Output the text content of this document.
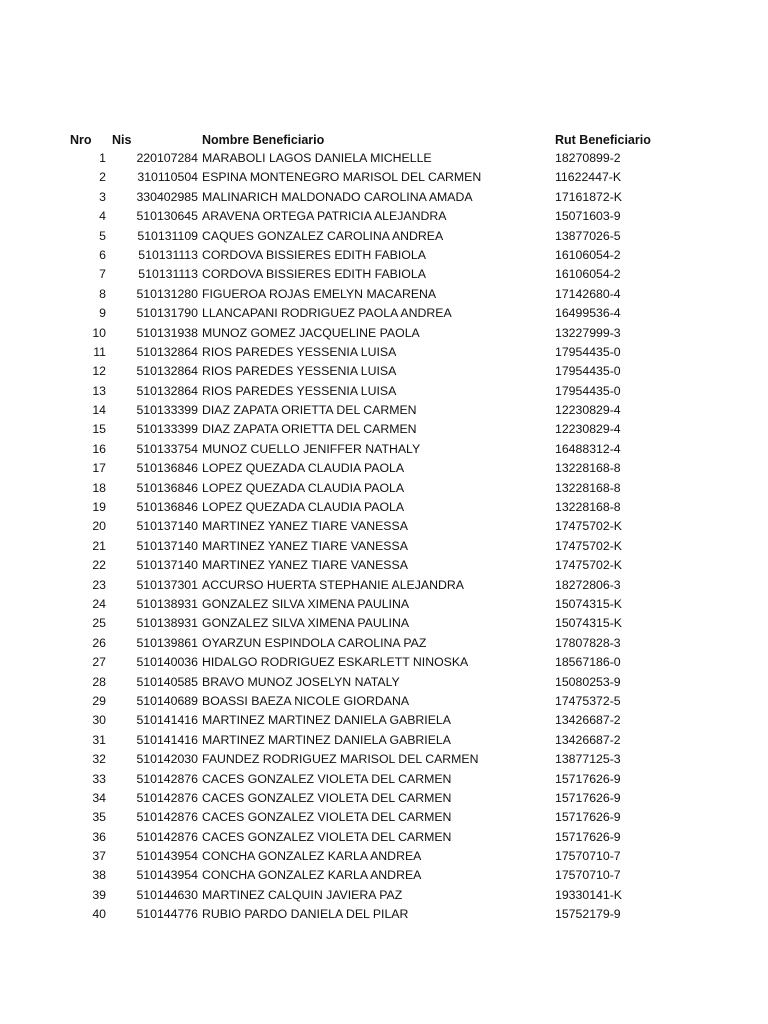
Nro Nis	Nombre Beneficiario	Rut Beneficiario
1	220107284 MARABOLI LAGOS DANIELA MICHELLE	18270899-2
2	310110504 ESPINA MONTENEGRO MARISOL DEL CARMEN	11622447-K
3	330402985 MALINARICH MALDONADO CAROLINA AMADA	17161872-K
4	510130645 ARAVENA ORTEGA PATRICIA ALEJANDRA	15071603-9
5	510131109 CAQUES GONZALEZ CAROLINA ANDREA	13877026-5
6	510131113 CORDOVA BISSIERES EDITH FABIOLA	16106054-2
7	510131113 CORDOVA BISSIERES EDITH FABIOLA	16106054-2
8	510131280 FIGUEROA ROJAS EMELYN MACARENA	17142680-4
9	510131790 LLANCAPANI RODRIGUEZ PAOLA ANDREA	16499536-4
10	510131938 MUNOZ GOMEZ JACQUELINE PAOLA	13227999-3
11	510132864 RIOS PAREDES YESSENIA LUISA	17954435-0
12	510132864 RIOS PAREDES YESSENIA LUISA	17954435-0
13	510132864 RIOS PAREDES YESSENIA LUISA	17954435-0
14	510133399 DIAZ ZAPATA ORIETTA DEL CARMEN	12230829-4
15	510133399 DIAZ ZAPATA ORIETTA DEL CARMEN	12230829-4
16	510133754 MUNOZ CUELLO JENIFFER NATHALY	16488312-4
17	510136846 LOPEZ QUEZADA CLAUDIA PAOLA	13228168-8
18	510136846 LOPEZ QUEZADA CLAUDIA PAOLA	13228168-8
19	510136846 LOPEZ QUEZADA CLAUDIA PAOLA	13228168-8
20	510137140 MARTINEZ YANEZ TIARE VANESSA	17475702-K
21	510137140 MARTINEZ YANEZ TIARE VANESSA	17475702-K
22	510137140 MARTINEZ YANEZ TIARE VANESSA	17475702-K
23	510137301 ACCURSO HUERTA STEPHANIE ALEJANDRA	18272806-3
24	510138931 GONZALEZ SILVA XIMENA PAULINA	15074315-K
25	510138931 GONZALEZ SILVA XIMENA PAULINA	15074315-K
26	510139861 OYARZUN ESPINDOLA CAROLINA PAZ	17807828-3
27	510140036 HIDALGO RODRIGUEZ ESKARLETT NINOSKA	18567186-0
28	510140585 BRAVO MUNOZ JOSELYN NATALY	15080253-9
29	510140689 BOASSI BAEZA NICOLE GIORDANA	17475372-5
30	510141416 MARTINEZ MARTINEZ DANIELA GABRIELA	13426687-2
31	510141416 MARTINEZ MARTINEZ DANIELA GABRIELA	13426687-2
32	510142030 FAUNDEZ RODRIGUEZ MARISOL DEL CARMEN	13877125-3
33	510142876 CACES GONZALEZ VIOLETA DEL CARMEN	15717626-9
34	510142876 CACES GONZALEZ VIOLETA DEL CARMEN	15717626-9
35	510142876 CACES GONZALEZ VIOLETA DEL CARMEN	15717626-9
36	510142876 CACES GONZALEZ VIOLETA DEL CARMEN	15717626-9
37	510143954 CONCHA GONZALEZ KARLA ANDREA	17570710-7
38	510143954 CONCHA GONZALEZ KARLA ANDREA	17570710-7
39	510144630 MARTINEZ CALQUIN JAVIERA PAZ	19330141-K
40	510144776 RUBIO PARDO DANIELA DEL PILAR	15752179-9
